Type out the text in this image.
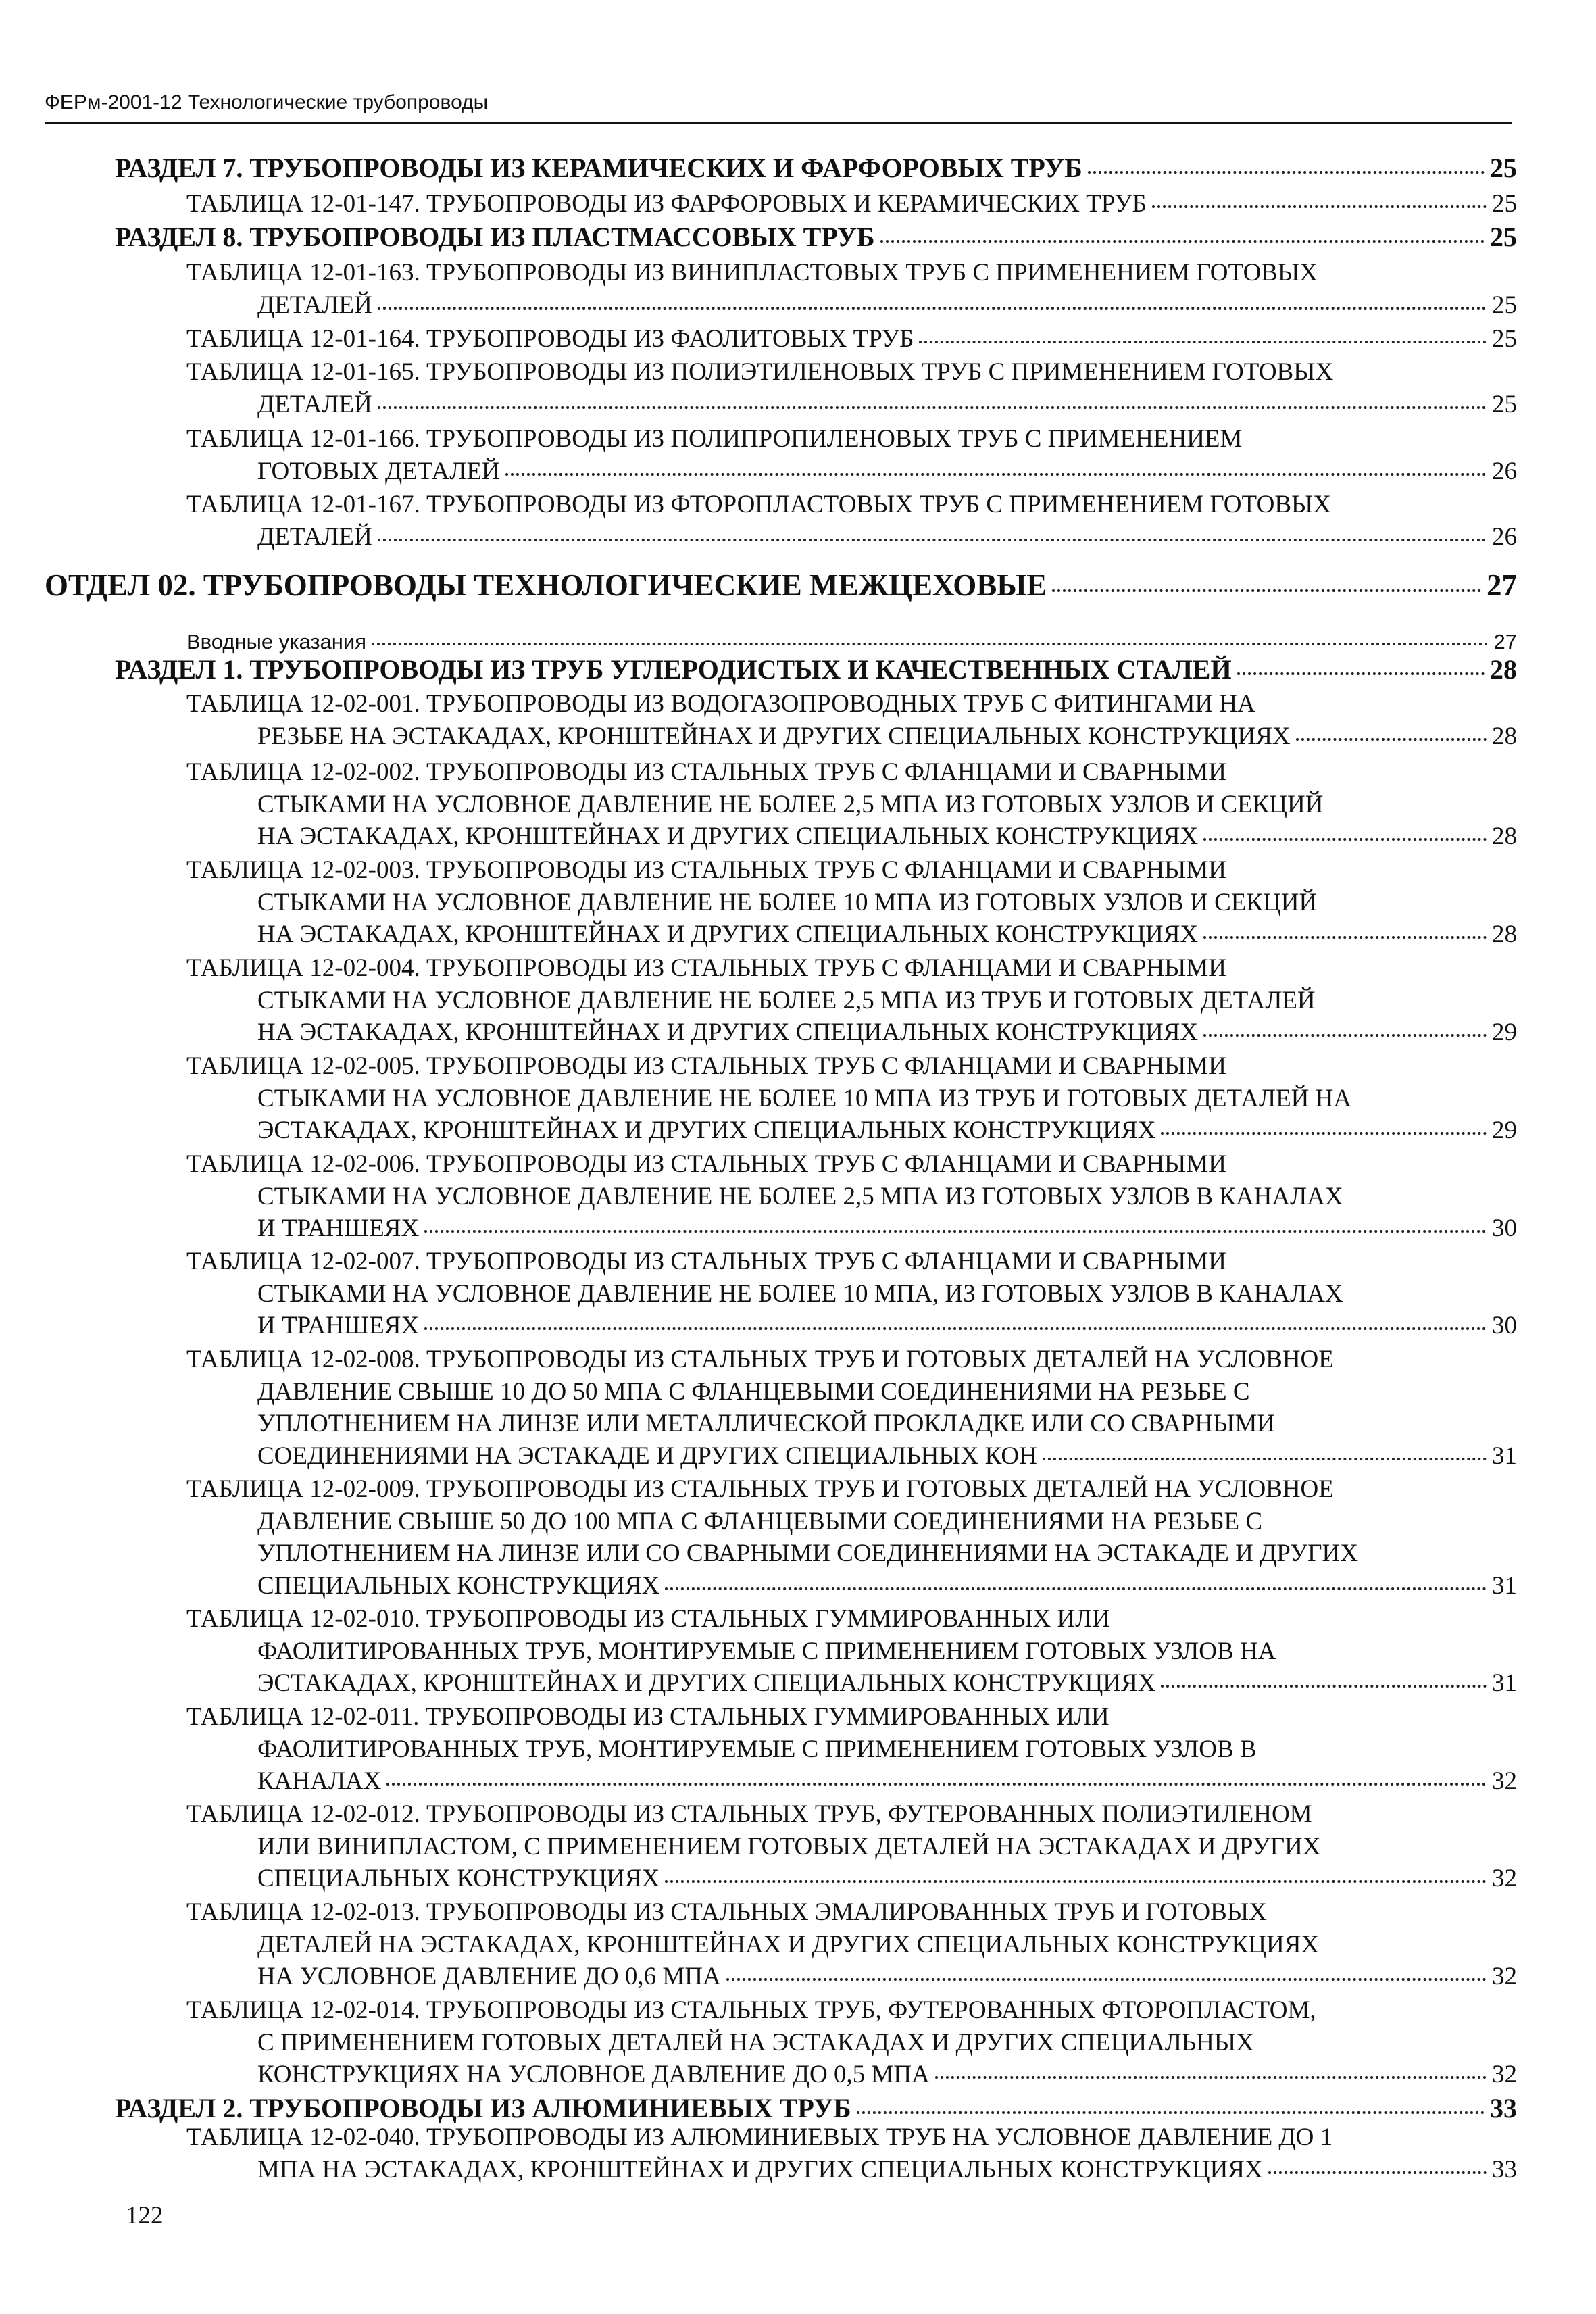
ФЕРм-2001-12 Технологические трубопроводы
РАЗДЕЛ 7. ТРУБОПРОВОДЫ ИЗ КЕРАМИЧЕСКИХ И ФАРФОРОВЫХ ТРУБ	25
ТАБЛИЦА 12-01-147. ТРУБОПРОВОДЫ ИЗ ФАРФОРОВЫХ И КЕРАМИЧЕСКИХ ТРУБ	25
РАЗДЕЛ 8. ТРУБОПРОВОДЫ ИЗ ПЛАСТМАССОВЫХ ТРУБ	25
ТАБЛИЦА 12-01-163. ТРУБОПРОВОДЫ ИЗ ВИНИПЛАСТОВЫХ ТРУБ С ПРИМЕНЕНИЕМ ГОТОВЫХ
ДЕТАЛЕЙ	25
ТАБЛИЦА 12-01-164. ТРУБОПРОВОДЫ ИЗ ФАОЛИТОВЫХ ТРУБ	25
ТАБЛИЦА 12-01-165. ТРУБОПРОВОДЫ ИЗ ПОЛИЭТИЛЕНОВЫХ ТРУБ С ПРИМЕНЕНИЕМ ГОТОВЫХ
ДЕТАЛЕЙ	25
ТАБЛИЦА 12-01-166. ТРУБОПРОВОДЫ ИЗ ПОЛИПРОПИЛЕНОВЫХ ТРУБ С ПРИМЕНЕНИЕМ
ГОТОВЫХ ДЕТАЛЕЙ	26
ТАБЛИЦА 12-01-167. ТРУБОПРОВОДЫ ИЗ ФТОРОПЛАСТОВЫХ ТРУБ С ПРИМЕНЕНИЕМ ГОТОВЫХ
ДЕТАЛЕЙ	26
ОТДЕЛ 02. ТРУБОПРОВОДЫ ТЕХНОЛОГИЧЕСКИЕ МЕЖЦЕХОВЫЕ	27
Вводные указания	27
РАЗДЕЛ 1. ТРУБОПРОВОДЫ ИЗ ТРУБ УГЛЕРОДИСТЫХ И КАЧЕСТВЕННЫХ СТАЛЕЙ	28
ТАБЛИЦА 12-02-001. ТРУБОПРОВОДЫ ИЗ ВОДОГАЗОПРОВОДНЫХ ТРУБ С ФИТИНГАМИ НА
РЕЗЬБЕ НА ЭСТАКАДАХ, КРОНШТЕЙНАХ И ДРУГИХ СПЕЦИАЛЬНЫХ КОНСТРУКЦИЯХ	28
ТАБЛИЦА 12-02-002. ТРУБОПРОВОДЫ ИЗ СТАЛЬНЫХ ТРУБ С ФЛАНЦАМИ И СВАРНЫМИ
СТЫКАМИ НА УСЛОВНОЕ ДАВЛЕНИЕ НЕ БОЛЕЕ 2,5 МПА ИЗ ГОТОВЫХ УЗЛОВ И СЕКЦИЙ
НА ЭСТАКАДАХ, КРОНШТЕЙНАХ И ДРУГИХ СПЕЦИАЛЬНЫХ КОНСТРУКЦИЯХ	28
ТАБЛИЦА 12-02-003. ТРУБОПРОВОДЫ ИЗ СТАЛЬНЫХ ТРУБ С ФЛАНЦАМИ И СВАРНЫМИ
СТЫКАМИ НА УСЛОВНОЕ ДАВЛЕНИЕ НЕ БОЛЕЕ 10 МПА ИЗ ГОТОВЫХ УЗЛОВ И СЕКЦИЙ
НА ЭСТАКАДАХ, КРОНШТЕЙНАХ И ДРУГИХ СПЕЦИАЛЬНЫХ КОНСТРУКЦИЯХ	28
ТАБЛИЦА 12-02-004. ТРУБОПРОВОДЫ ИЗ СТАЛЬНЫХ ТРУБ С ФЛАНЦАМИ И СВАРНЫМИ
СТЫКАМИ НА УСЛОВНОЕ ДАВЛЕНИЕ НЕ БОЛЕЕ 2,5 МПА ИЗ ТРУБ И ГОТОВЫХ ДЕТАЛЕЙ
НА ЭСТАКАДАХ, КРОНШТЕЙНАХ И ДРУГИХ СПЕЦИАЛЬНЫХ КОНСТРУКЦИЯХ	29
ТАБЛИЦА 12-02-005. ТРУБОПРОВОДЫ ИЗ СТАЛЬНЫХ ТРУБ С ФЛАНЦАМИ И СВАРНЫМИ
СТЫКАМИ НА УСЛОВНОЕ ДАВЛЕНИЕ НЕ БОЛЕЕ 10 МПА ИЗ ТРУБ И ГОТОВЫХ ДЕТАЛЕЙ НА
ЭСТАКАДАХ, КРОНШТЕЙНАХ И ДРУГИХ СПЕЦИАЛЬНЫХ КОНСТРУКЦИЯХ	29
ТАБЛИЦА 12-02-006. ТРУБОПРОВОДЫ ИЗ СТАЛЬНЫХ ТРУБ С ФЛАНЦАМИ И СВАРНЫМИ
СТЫКАМИ НА УСЛОВНОЕ ДАВЛЕНИЕ НЕ БОЛЕЕ 2,5 МПА ИЗ ГОТОВЫХ УЗЛОВ В КАНАЛАХ
И ТРАНШЕЯХ	30
ТАБЛИЦА 12-02-007. ТРУБОПРОВОДЫ ИЗ СТАЛЬНЫХ ТРУБ С ФЛАНЦАМИ И СВАРНЫМИ
СТЫКАМИ НА УСЛОВНОЕ ДАВЛЕНИЕ НЕ БОЛЕЕ 10 МПА, ИЗ ГОТОВЫХ УЗЛОВ В КАНАЛАХ
И ТРАНШЕЯХ	30
ТАБЛИЦА 12-02-008. ТРУБОПРОВОДЫ ИЗ СТАЛЬНЫХ ТРУБ И ГОТОВЫХ ДЕТАЛЕЙ НА УСЛОВНОЕ
ДАВЛЕНИЕ СВЫШЕ 10 ДО 50 МПА С ФЛАНЦЕВЫМИ СОЕДИНЕНИЯМИ НА РЕЗЬБЕ С
УПЛОТНЕНИЕМ НА ЛИНЗЕ ИЛИ МЕТАЛЛИЧЕСКОЙ ПРОКЛАДКЕ ИЛИ СО СВАРНЫМИ
СОЕДИНЕНИЯМИ НА ЭСТАКАДЕ И ДРУГИХ СПЕЦИАЛЬНЫХ КОН	31
ТАБЛИЦА 12-02-009. ТРУБОПРОВОДЫ ИЗ СТАЛЬНЫХ ТРУБ И ГОТОВЫХ ДЕТАЛЕЙ НА УСЛОВНОЕ
ДАВЛЕНИЕ СВЫШЕ 50 ДО 100 МПА С ФЛАНЦЕВЫМИ СОЕДИНЕНИЯМИ НА РЕЗЬБЕ С
УПЛОТНЕНИЕМ НА ЛИНЗЕ ИЛИ СО СВАРНЫМИ СОЕДИНЕНИЯМИ НА ЭСТАКАДЕ И ДРУГИХ
СПЕЦИАЛЬНЫХ КОНСТРУКЦИЯХ	31
ТАБЛИЦА 12-02-010. ТРУБОПРОВОДЫ ИЗ СТАЛЬНЫХ ГУММИРОВАННЫХ ИЛИ
ФАОЛИТИРОВАННЫХ ТРУБ, МОНТИРУЕМЫЕ С ПРИМЕНЕНИЕМ ГОТОВЫХ УЗЛОВ НА
ЭСТАКАДАХ, КРОНШТЕЙНАХ И ДРУГИХ СПЕЦИАЛЬНЫХ КОНСТРУКЦИЯХ	31
ТАБЛИЦА 12-02-011. ТРУБОПРОВОДЫ ИЗ СТАЛЬНЫХ ГУММИРОВАННЫХ ИЛИ
ФАОЛИТИРОВАННЫХ ТРУБ, МОНТИРУЕМЫЕ С ПРИМЕНЕНИЕМ ГОТОВЫХ УЗЛОВ В
КАНАЛАХ	32
ТАБЛИЦА 12-02-012. ТРУБОПРОВОДЫ ИЗ СТАЛЬНЫХ ТРУБ, ФУТЕРОВАННЫХ ПОЛИЭТИЛЕНОМ
ИЛИ ВИНИПЛАСТОМ, С ПРИМЕНЕНИЕМ ГОТОВЫХ ДЕТАЛЕЙ НА ЭСТАКАДАХ И ДРУГИХ
СПЕЦИАЛЬНЫХ КОНСТРУКЦИЯХ	32
ТАБЛИЦА 12-02-013. ТРУБОПРОВОДЫ ИЗ СТАЛЬНЫХ ЭМАЛИРОВАННЫХ ТРУБ И ГОТОВЫХ
ДЕТАЛЕЙ НА ЭСТАКАДАХ, КРОНШТЕЙНАХ И ДРУГИХ СПЕЦИАЛЬНЫХ КОНСТРУКЦИЯХ
НА УСЛОВНОЕ ДАВЛЕНИЕ ДО 0,6 МПА	32
ТАБЛИЦА 12-02-014. ТРУБОПРОВОДЫ ИЗ СТАЛЬНЫХ ТРУБ, ФУТЕРОВАННЫХ ФТОРОПЛАСТОМ,
С ПРИМЕНЕНИЕМ ГОТОВЫХ ДЕТАЛЕЙ НА ЭСТАКАДАХ И ДРУГИХ СПЕЦИАЛЬНЫХ
КОНСТРУКЦИЯХ НА УСЛОВНОЕ ДАВЛЕНИЕ ДО 0,5 МПА	32
РАЗДЕЛ 2. ТРУБОПРОВОДЫ ИЗ АЛЮМИНИЕВЫХ ТРУБ	33
ТАБЛИЦА 12-02-040. ТРУБОПРОВОДЫ ИЗ АЛЮМИНИЕВЫХ ТРУБ НА УСЛОВНОЕ ДАВЛЕНИЕ ДО 1
МПА НА ЭСТАКАДАХ, КРОНШТЕЙНАХ И ДРУГИХ СПЕЦИАЛЬНЫХ КОНСТРУКЦИЯХ	33
122
